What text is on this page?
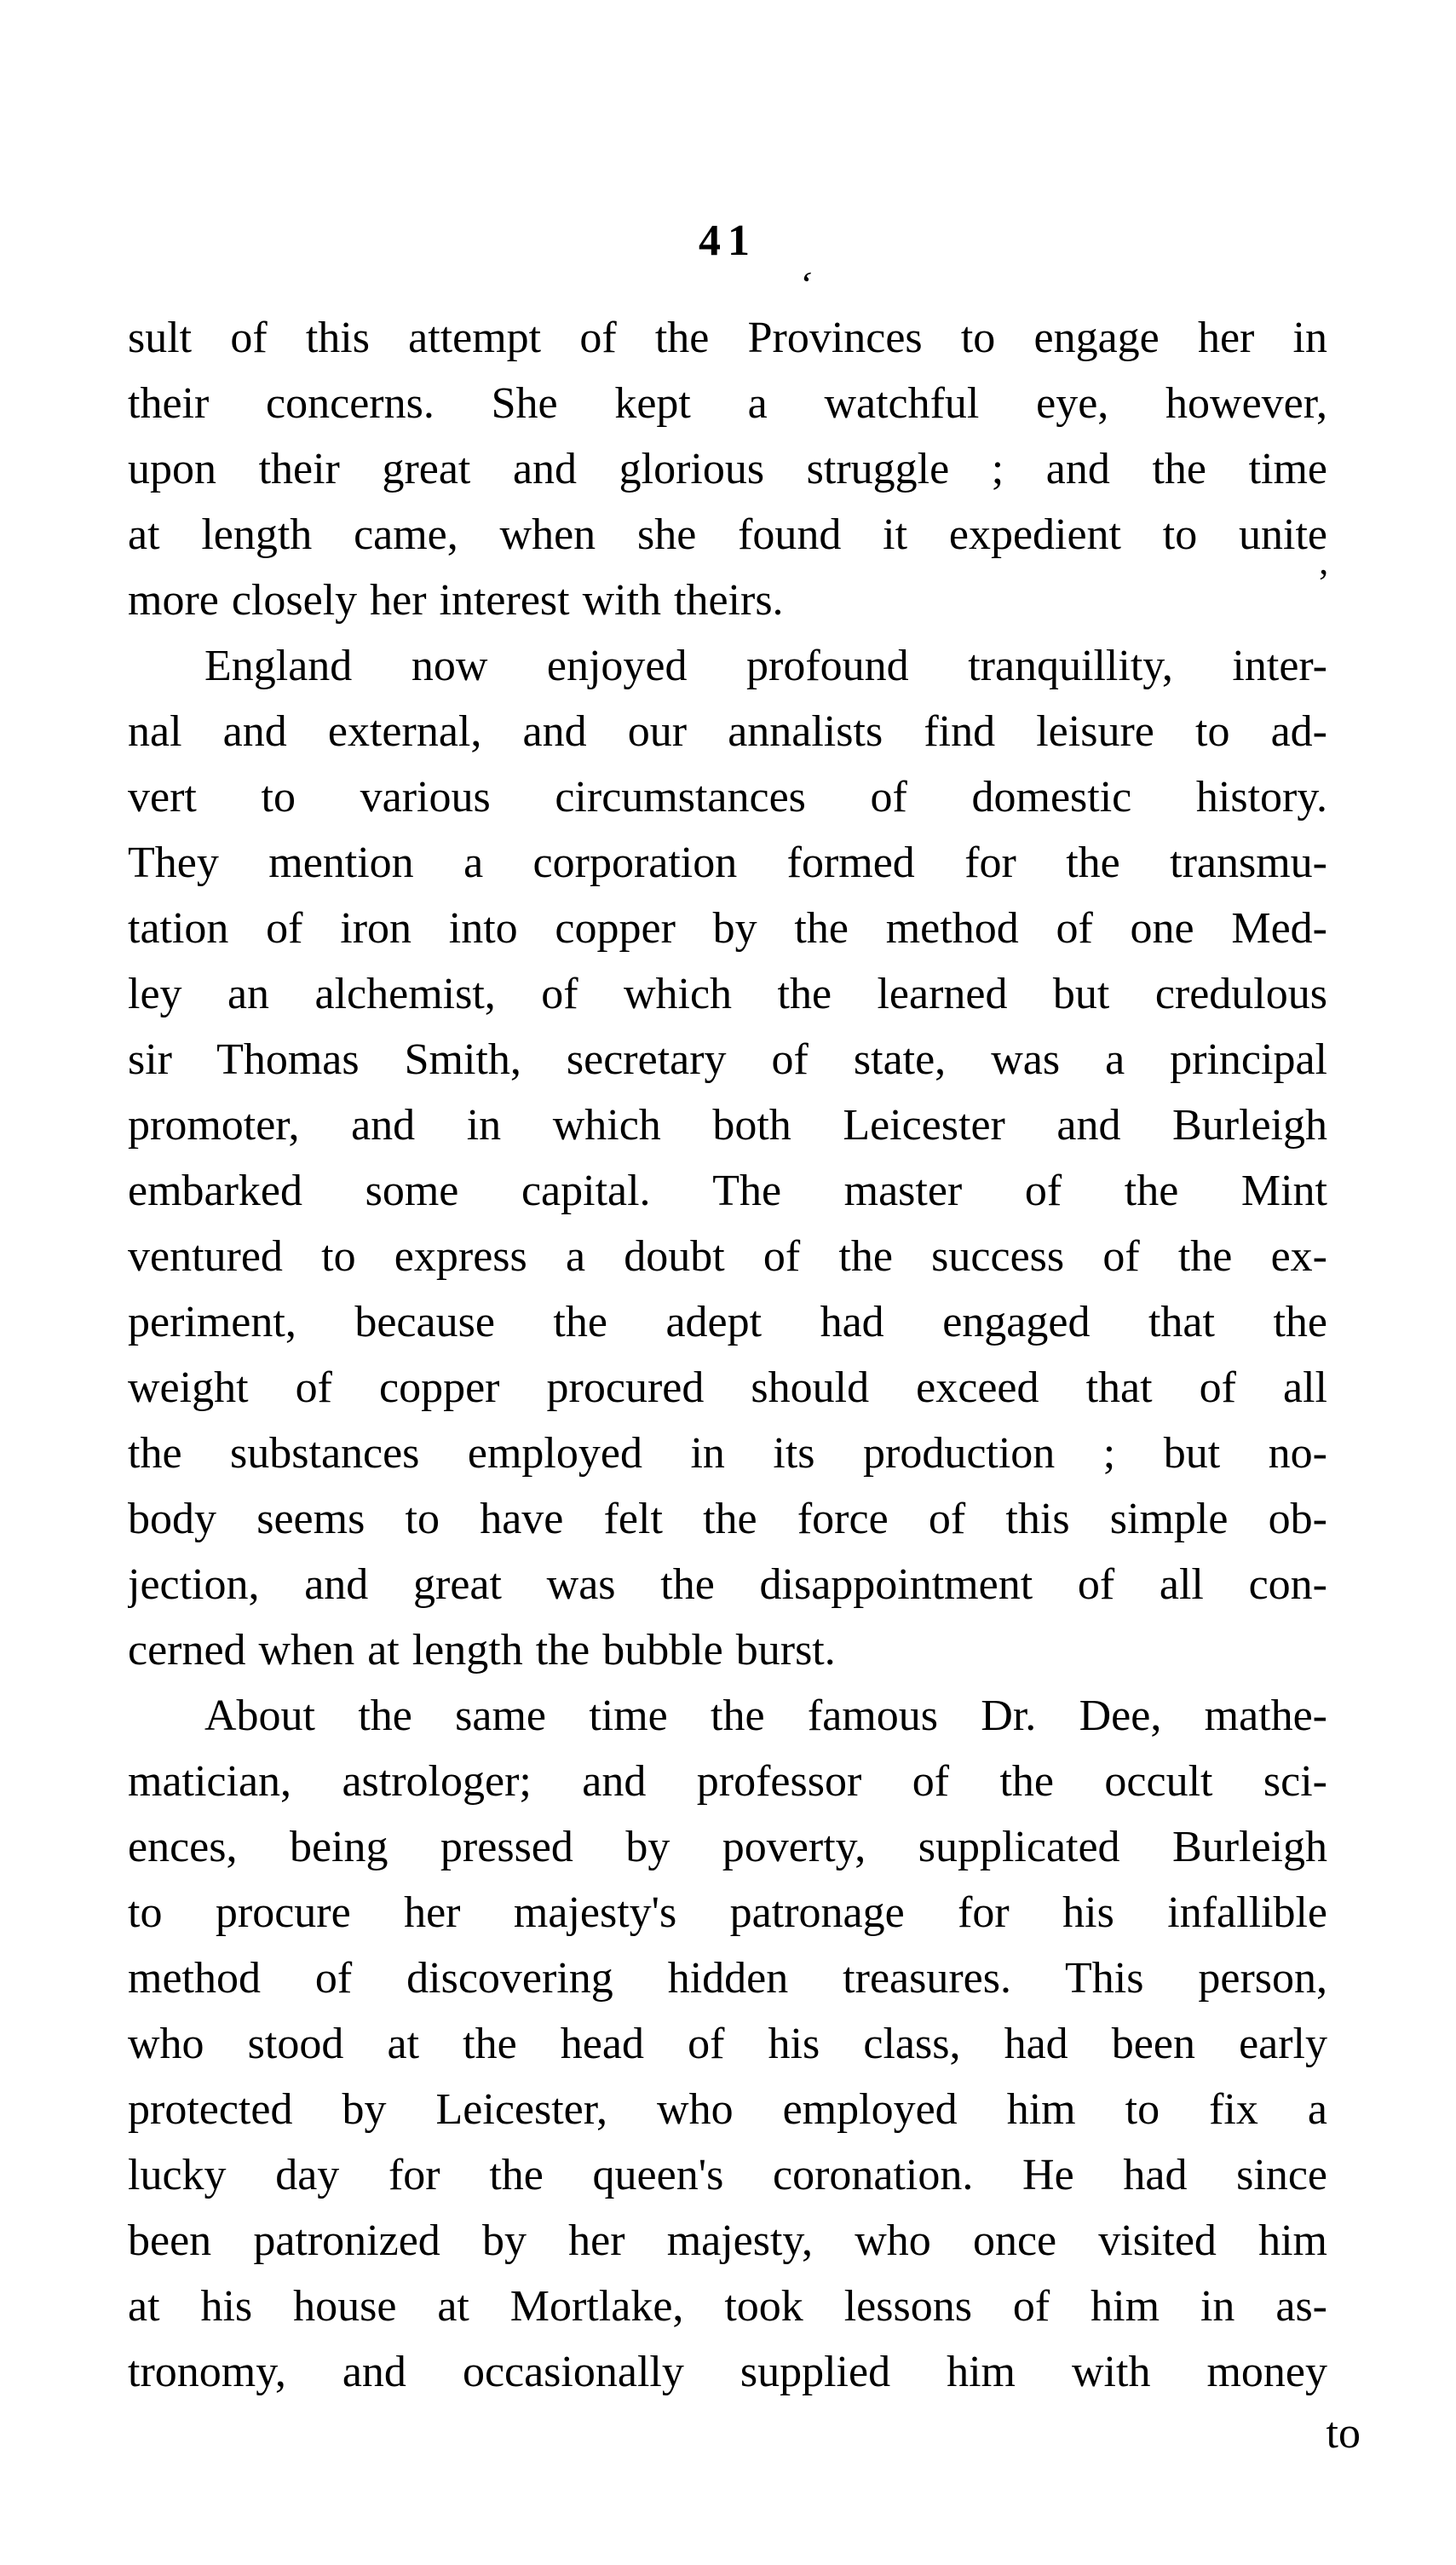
41
‘
sult of this attempt of the Provinces to engage her in
their concerns. She kept a watchful eye, however,
upon their great and glorious struggle ; and the time
at length came, when she found it expedient to unite
more closely her interest with theirs.
England now enjoyed profound tranquillity, inter-
nal and external, and our annalists find leisure to ad-
vert to various circumstances of domestic history.
They mention a corporation formed for the transmu-
tation of iron into copper by the method of one Med-
ley an alchemist, of which the learned but credulous
sir Thomas Smith, secretary of state, was a principal
promoter, and in which both Leicester and Burleigh
embarked some capital. The master of the Mint
ventured to express a doubt of the success of the ex-
periment, because the adept had engaged that the
weight of copper procured should exceed that of all
the substances employed in its production ; but no-
body seems to have felt the force of this simple ob-
jection, and great was the disappointment of all con-
cerned when at length the bubble burst.
About the same time the famous Dr. Dee, mathe-
matician, astrologer; and professor of the occult sci-
ences, being pressed by poverty, supplicated Burleigh
to procure her majesty's patronage for his infallible
method of discovering hidden treasures. This person,
who stood at the head of his class, had been early
protected by Leicester, who employed him to fix a
lucky day for the queen's coronation. He had since
been patronized by her majesty, who once visited him
at his house at Mortlake, took lessons of him in as-
tronomy, and occasionally supplied him with money
’
to
